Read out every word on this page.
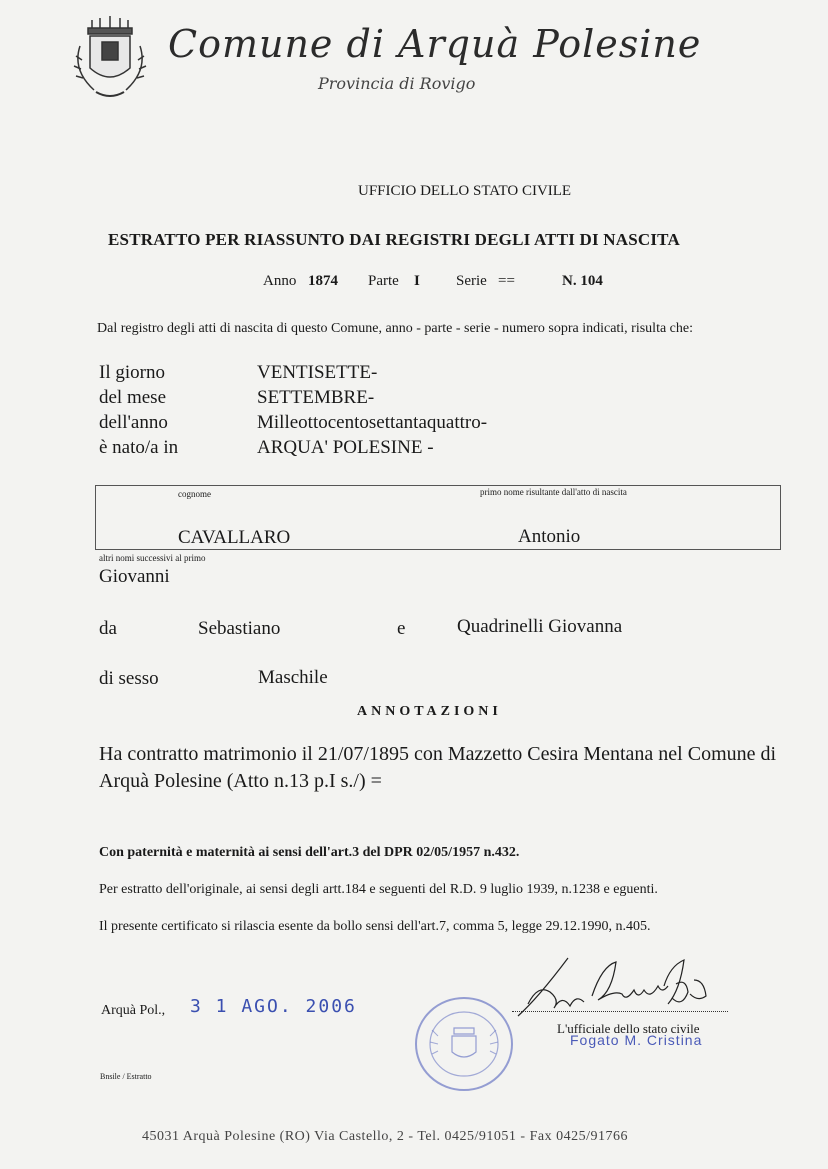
Comune di Arquà Polesine
Provincia di Rovigo
UFFICIO DELLO STATO CIVILE
ESTRATTO PER RIASSUNTO DAI REGISTRI DEGLI ATTI DI NASCITA
Anno 1874 Parte I Serie ==	N. 104
Dal registro degli atti di nascita di questo Comune, anno - parte - serie - numero sopra indicati, risulta che:
Il giorno	VENTISETTE-
del mese	SETTEMBRE-
dell'anno	Milleottocentosettantaquattro-
è nato/a in	ARQUA' POLESINE -
cognome	primo nome risultante dall'atto di nascita
CAVALLARO	Antonio
altri nomi successivi al primo
Giovanni
da	Sebastiano	e	Quadrinelli Giovanna
di sesso	Maschile
ANNOTAZIONI
Ha contratto matrimonio il 21/07/1895 con Mazzetto Cesira Mentana nel Comune di Arquà Polesine (Atto n.13 p.I s./) =
Con paternità e maternità ai sensi dell'art.3 del DPR 02/05/1957 n.432.
Per estratto dell'originale, ai sensi degli artt.184 e seguenti del R.D. 9 luglio 1939, n.1238 e eguenti.
Il presente certificato si rilascia esente da bollo sensi dell'art.7, comma 5, legge 29.12.1990, n.405.
Arquà Pol., 3 1 AGO. 2006
L'ufficiale dello stato civile
Fogato M. Cristina
Bnsile / Estratto
45031 Arquà Polesine (RO) Via Castello, 2 - Tel. 0425/91051 - Fax 0425/91766
